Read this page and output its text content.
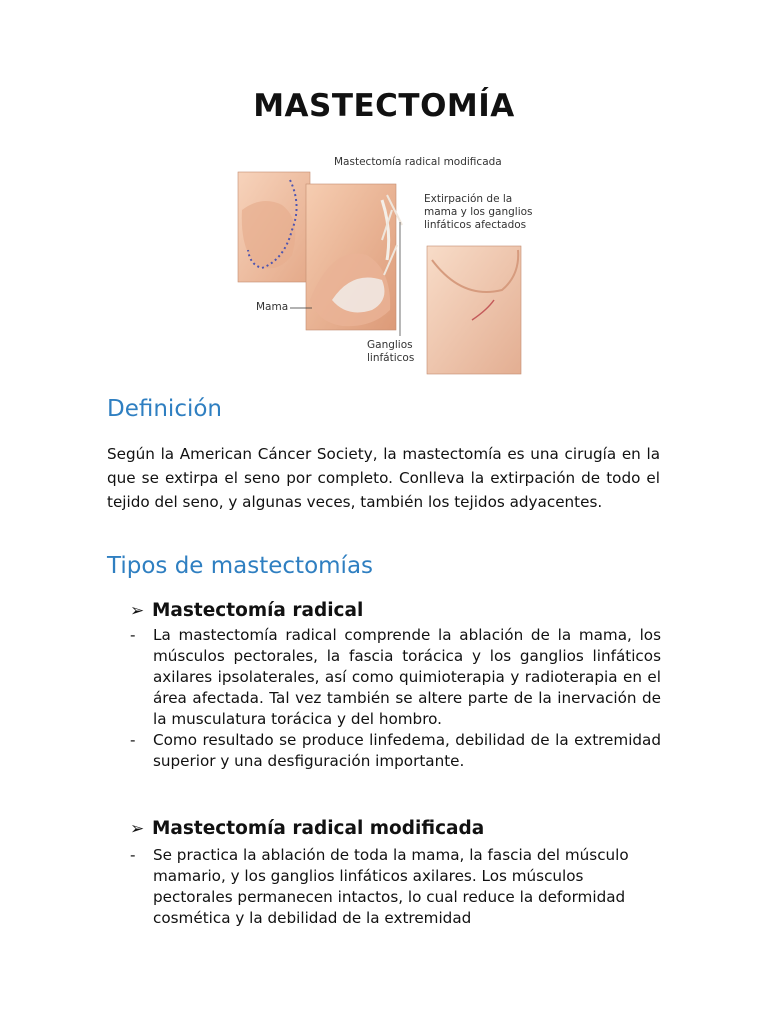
MASTECTOMÍA
Mastectomía radical modificada
Extirpación de la
mama y los ganglios
linfáticos afectados
Mama
Ganglios
linfáticos
Definición

Según la American Cáncer Society, la mastectomía es una cirugía en la que se extirpa el seno por completo. Conlleva la extirpación de todo el tejido del seno, y algunas veces, también los tejidos adyacentes.

Tipos de mastectomías
➢ Mastectomía radical
- La mastectomía radical comprende la ablación de la mama, los músculos pectorales, la fascia torácica y los ganglios linfáticos axilares ipsolaterales, así como quimioterapia y radioterapia en el área afectada. Tal vez también se altere parte de la inervación de la musculatura torácica y del hombro.
- Como resultado se produce linfedema, debilidad de la extremidad superior y una desfiguración importante.
➢ Mastectomía radical modificada
- Se practica la ablación de toda la mama, la fascia del músculo mamario, y los ganglios linfáticos axilares. Los músculos pectorales permanecen intactos, lo cual reduce la deformidad cosmética y la debilidad de la extremidad
